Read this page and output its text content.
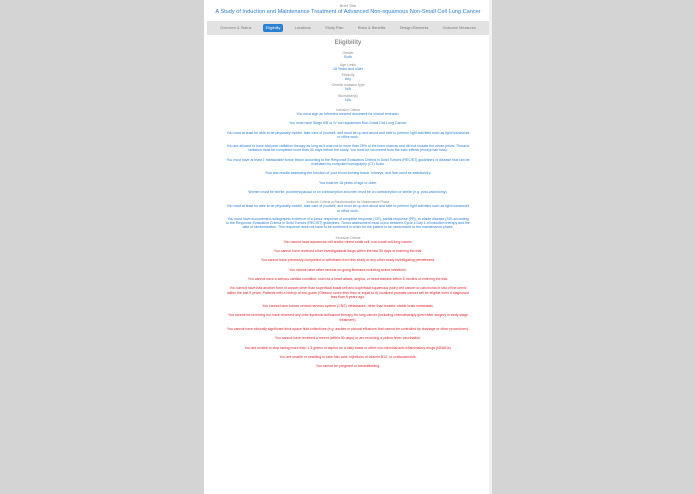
Brief Title
A Study of Induction and Maintenance Treatment of Advanced Non-squamous Non-Small Cell Lung Cancer
Overview & Status	Eligibility	Locations	Study Plan	Risks & Benefits	Design Elements	Outcome Measures
Eligibility
Gender
Both
Age Limits
18 Years and older
Ethnicity
Any
Genetic mutation type
N/A
Biomarker(s)
N/A
Inclusion Criteria
You must sign an informed consent document for clinical research.
You must have Stage IIIB or IV non-squamous Non-Small Cell Lung Cancer.
You must at least be able to be physically mobile, take care of yourself, and must be up and about and able to perform light activities such as light housework or office work.
You are allowed to have had prior radiation therapy as long as it was not to more than 25% of the bone marrow and did not include the whole pelvis. Thoracic radiation must be completed more than 30 days before the study. You must be recovered from the toxic effects (except hair loss).
You must have at least 1 measurable tumor lesion according to the Response Evaluation Criteria in Solid Tumors (RECIST) guidelines or disease that can be evaluated by computed tomography (CT) Scan.
Your test results assessing the function of your blood forming tissue, kidneys, and liver must be satisfactory.
You must be 18 years of age or older.
Women must be sterile, postmenopausal or on contraception and men must be on contraception or sterile (e.g. post-vasectomy).
Inclusion Criteria at Randomization for Maintenance Phase
You must at least be able to be physically mobile, take care of yourself, and must be up and about and able to perform light activities such as light housework or office work.
You must have documented radiographic evidence of a tumor response of complete response (CR), partial response (PR), or stable disease (SD) according to the Response Evaluation Criteria in Solid Tumors (RECIST) guidelines. Tumor assessment must occur between Cycle 4 Day 1 of induction therapy and the date of randomization. This response does not have to be confirmed in order for the patient to be randomized to the maintenance phase.
Exclusion Criteria
You cannot have squamous cell and/or mixed small cell, non-small cell lung cancer.
You cannot have received other investigational drugs within the last 30 days of entering the trial.
You cannot have previously completed or withdrawn from this study or any other study investigating pemetrexed.
You cannot have other serious on-going illnesses including active infections.
You cannot have a serious cardiac condition, such as a heart attack, angina, or heart disease within 6 months of entering the trial.
You cannot have had another form of cancer other than superficial basal cell and superficial squamous (skin) cell cancer or carcinoma in situ of the cervix within the last 5 years. Patients with a history of low-grade (Gleason score less than or equal to 6) localized prostate cancer will be eligible even if diagnosed less than 5 years ago.
You cannot have known central nervous system (CNS) metastases, other than treated, stable brain metastasis.
You cannot be receiving nor have received any prior systemic anticancer therapy for lung cancer (including chemotherapy given after surgery in early stage treatment).
You cannot have clinically significant third-space fluid collections (e.g. ascites or pleural effusions that cannot be controlled by drainage or other procedures).
You cannot have received a recent (within 30 days) or are receiving a yellow fever vaccination.
You are unable to stop taking more than 1.3 grams of aspirin on a daily basis or other non-steroidal anti-inflammatory drugs (NSAIDs).
You are unable or unwilling to take folic acid, injections of vitamin B12, or corticosteroids.
You cannot be pregnant or breastfeeding.
